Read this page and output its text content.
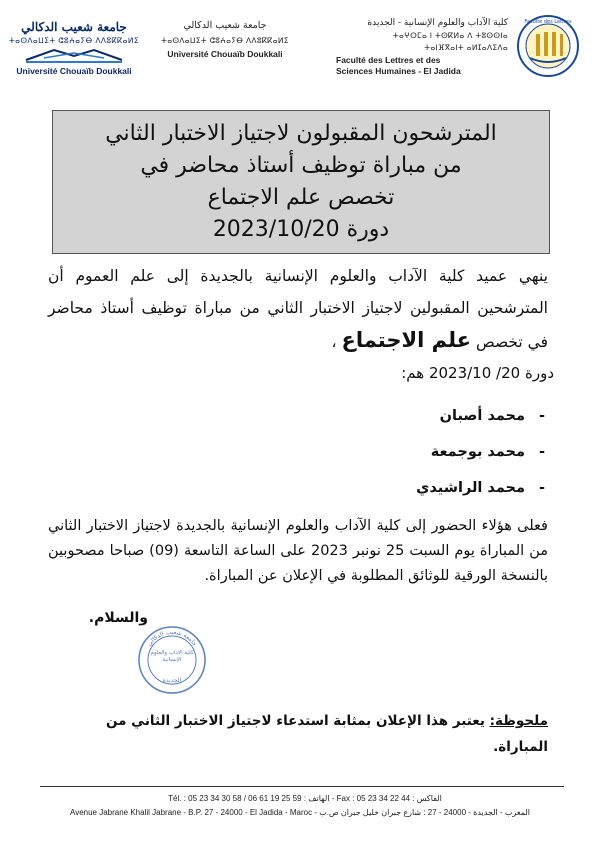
جامعة شعيب الدكالي
ⵜⴰⵙⴷⴰⵡⵉⵜ ⵛⵓⵄⴰⵢⴱ ⴷⴷⵓⴽⴽⴰⵍⵉ
Université Chouaïb Doukkali
جامعة شعيب الدكالي
ⵜⴰⵙⴷⴰⵡⵉⵜ ⵛⵓⵄⴰⵢⴱ ⴷⴷⵓⴽⴽⴰⵍⵉ
Université Chouaïb Doukkali
كلية الآداب والعلوم الإنسانية - الجديدة
ⵜⴰⵖⵔⵎⴰ ⵏ ⵜⵙⴽⵍⴰ ⴷ ⵜⵓⵙⵙⵏⴰ
ⵜⴰⵏⴼⴳⴰⵏⵜ ⴰⵍⵊⴰⴷⵉⴷⴰ
Faculté des Lettres et des
Sciences Humaines - El Jadida
Faculté des Lettres
المترشحون المقبولون لاجتياز الاختبار الثاني
من مباراة توظيف أستاذ محاضر في
تخصص علم الاجتماع
دورة 2023/10/20
ينهي عميد كلية الآداب والعلوم الإنسانية بالجديدة إلى علم العموم أن المترشحين المقبولين لاجتياز الاختبار الثاني من مباراة توظيف أستاذ محاضر في تخصص علم الاجتماع ،
دورة 20/ 2023/10 هم:
-محمد أصبان
-محمد بوجمعة
-محمد الراشيدي
فعلى هؤلاء الحضور إلى كلية الآداب والعلوم الإنسانية بالجديدة لاجتياز الاختبار الثاني من المباراة يوم السبت 25 نونبر 2023 على الساعة التاسعة (09) صباحا مصحوبين بالنسخة الورقية للوثائق المطلوبة في الإعلان عن المباراة.
والسلام.
جامعة شعيب الدكالي
كلية الآداب والعلوم الإنسانية
الجديدة
ملحوظة: يعتبر هذا الإعلان بمثابة استدعاء لاجتياز الاختبار الثاني من المباراة.
Tél. : 05 23 34 30 58 / 06 61 19 25 59 : الهاتف - Fax : 05 23 34 22 44 : الفاكس
Avenue Jabrane Khalil Jabrane - B.P. 27 - 24000 - El Jadida - Maroc - المغرب - الجديدة - 24000 - 27 : شارع جبران خليل جبران ص.ب
